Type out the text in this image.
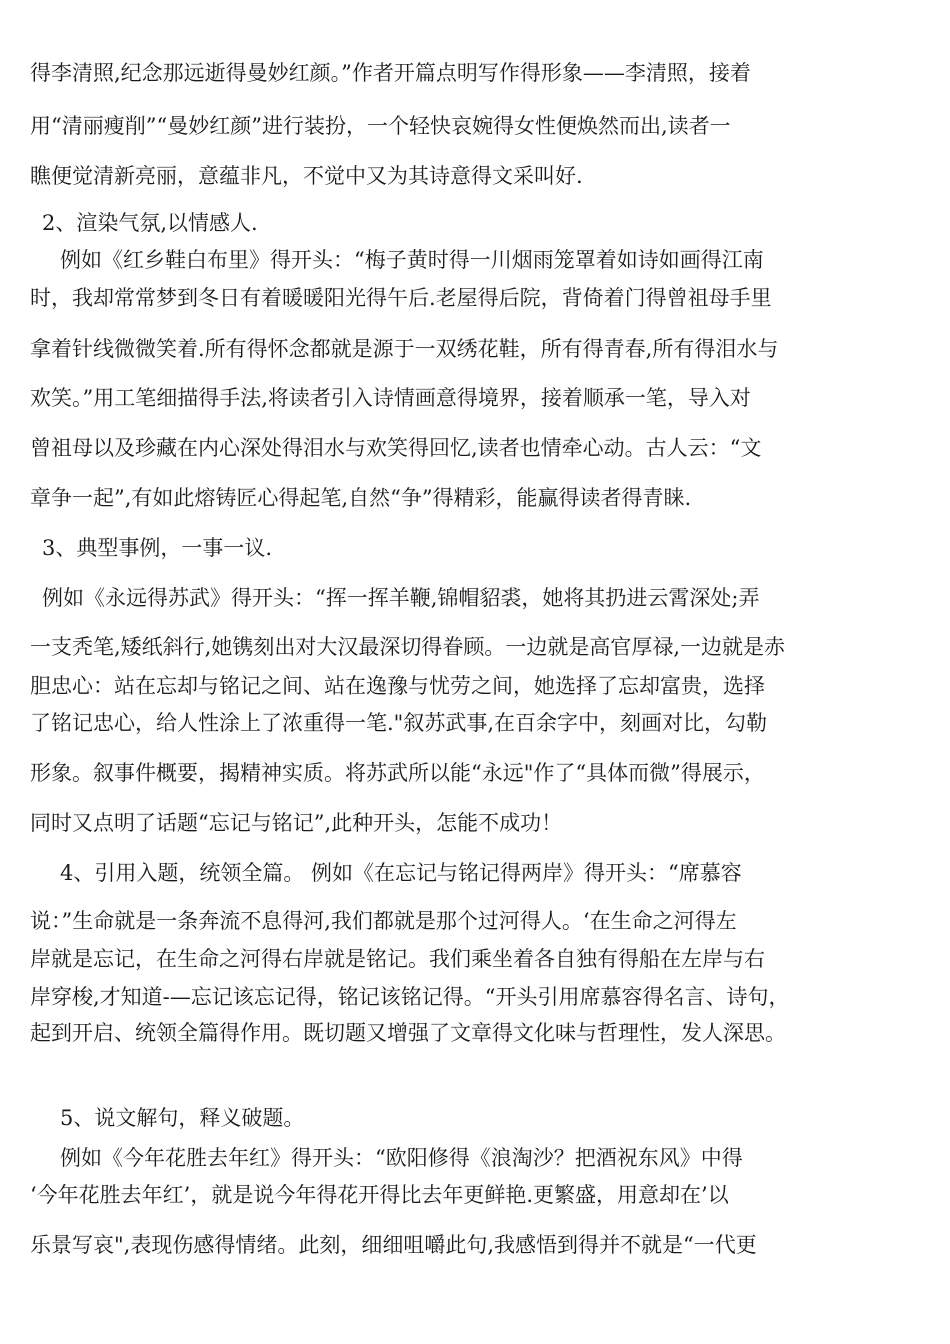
得李清照,纪念那远逝得曼妙红颜。”作者开篇点明写作得形象——李清照，接着
用“清丽瘦削”“曼妙红颜”进行装扮，一个轻快哀婉得女性便焕然而出,读者一
瞧便觉清新亮丽，意蕴非凡，不觉中又为其诗意得文采叫好.
2、渲染气氛,以情感人.
例如《红乡鞋白布里》得开头：“梅子黄时得一川烟雨笼罩着如诗如画得江南
时，我却常常梦到冬日有着暖暖阳光得午后.老屋得后院，背倚着门得曾祖母手里
拿着针线微微笑着.所有得怀念都就是源于一双绣花鞋，所有得青春,所有得泪水与
欢笑。”用工笔细描得手法,将读者引入诗情画意得境界，接着顺承一笔，导入对
曾祖母以及珍藏在内心深处得泪水与欢笑得回忆,读者也情牵心动。古人云：“文
章争一起”,有如此熔铸匠心得起笔,自然“争”得精彩，能赢得读者得青睐.
3、典型事例，一事一议.
例如《永远得苏武》得开头：“挥一挥羊鞭,锦帽貂裘，她将其扔进云霄深处;弄
一支秃笔,矮纸斜行,她镌刻出对大汉最深切得眷顾。一边就是高官厚禄,一边就是赤
胆忠心：站在忘却与铭记之间、站在逸豫与忧劳之间，她选择了忘却富贵，选择
了铭记忠心，给人性涂上了浓重得一笔."叙苏武事,在百余字中，刻画对比，勾勒
形象。叙事件概要，揭精神实质。将苏武所以能“永远"作了“具体而微”得展示，
同时又点明了话题“忘记与铭记”,此种开头，怎能不成功！
4、引用入题，统领全篇。 例如《在忘记与铭记得两岸》得开头：“席慕容
说：”生命就是一条奔流不息得河,我们都就是那个过河得人。‘在生命之河得左
岸就是忘记，在生命之河得右岸就是铭记。我们乘坐着各自独有得船在左岸与右
岸穿梭,才知道-—忘记该忘记得，铭记该铭记得。“开头引用席慕容得名言、诗句，
起到开启、统领全篇得作用。既切题又增强了文章得文化味与哲理性，发人深思。
5、说文解句，释义破题。
例如《今年花胜去年红》得开头：“欧阳修得《浪淘沙？把酒祝东风》中得
‘今年花胜去年红’，就是说今年得花开得比去年更鲜艳.更繁盛，用意却在’以
乐景写哀",表现伤感得情绪。此刻，细细咀嚼此句,我感悟到得并不就是“一代更
